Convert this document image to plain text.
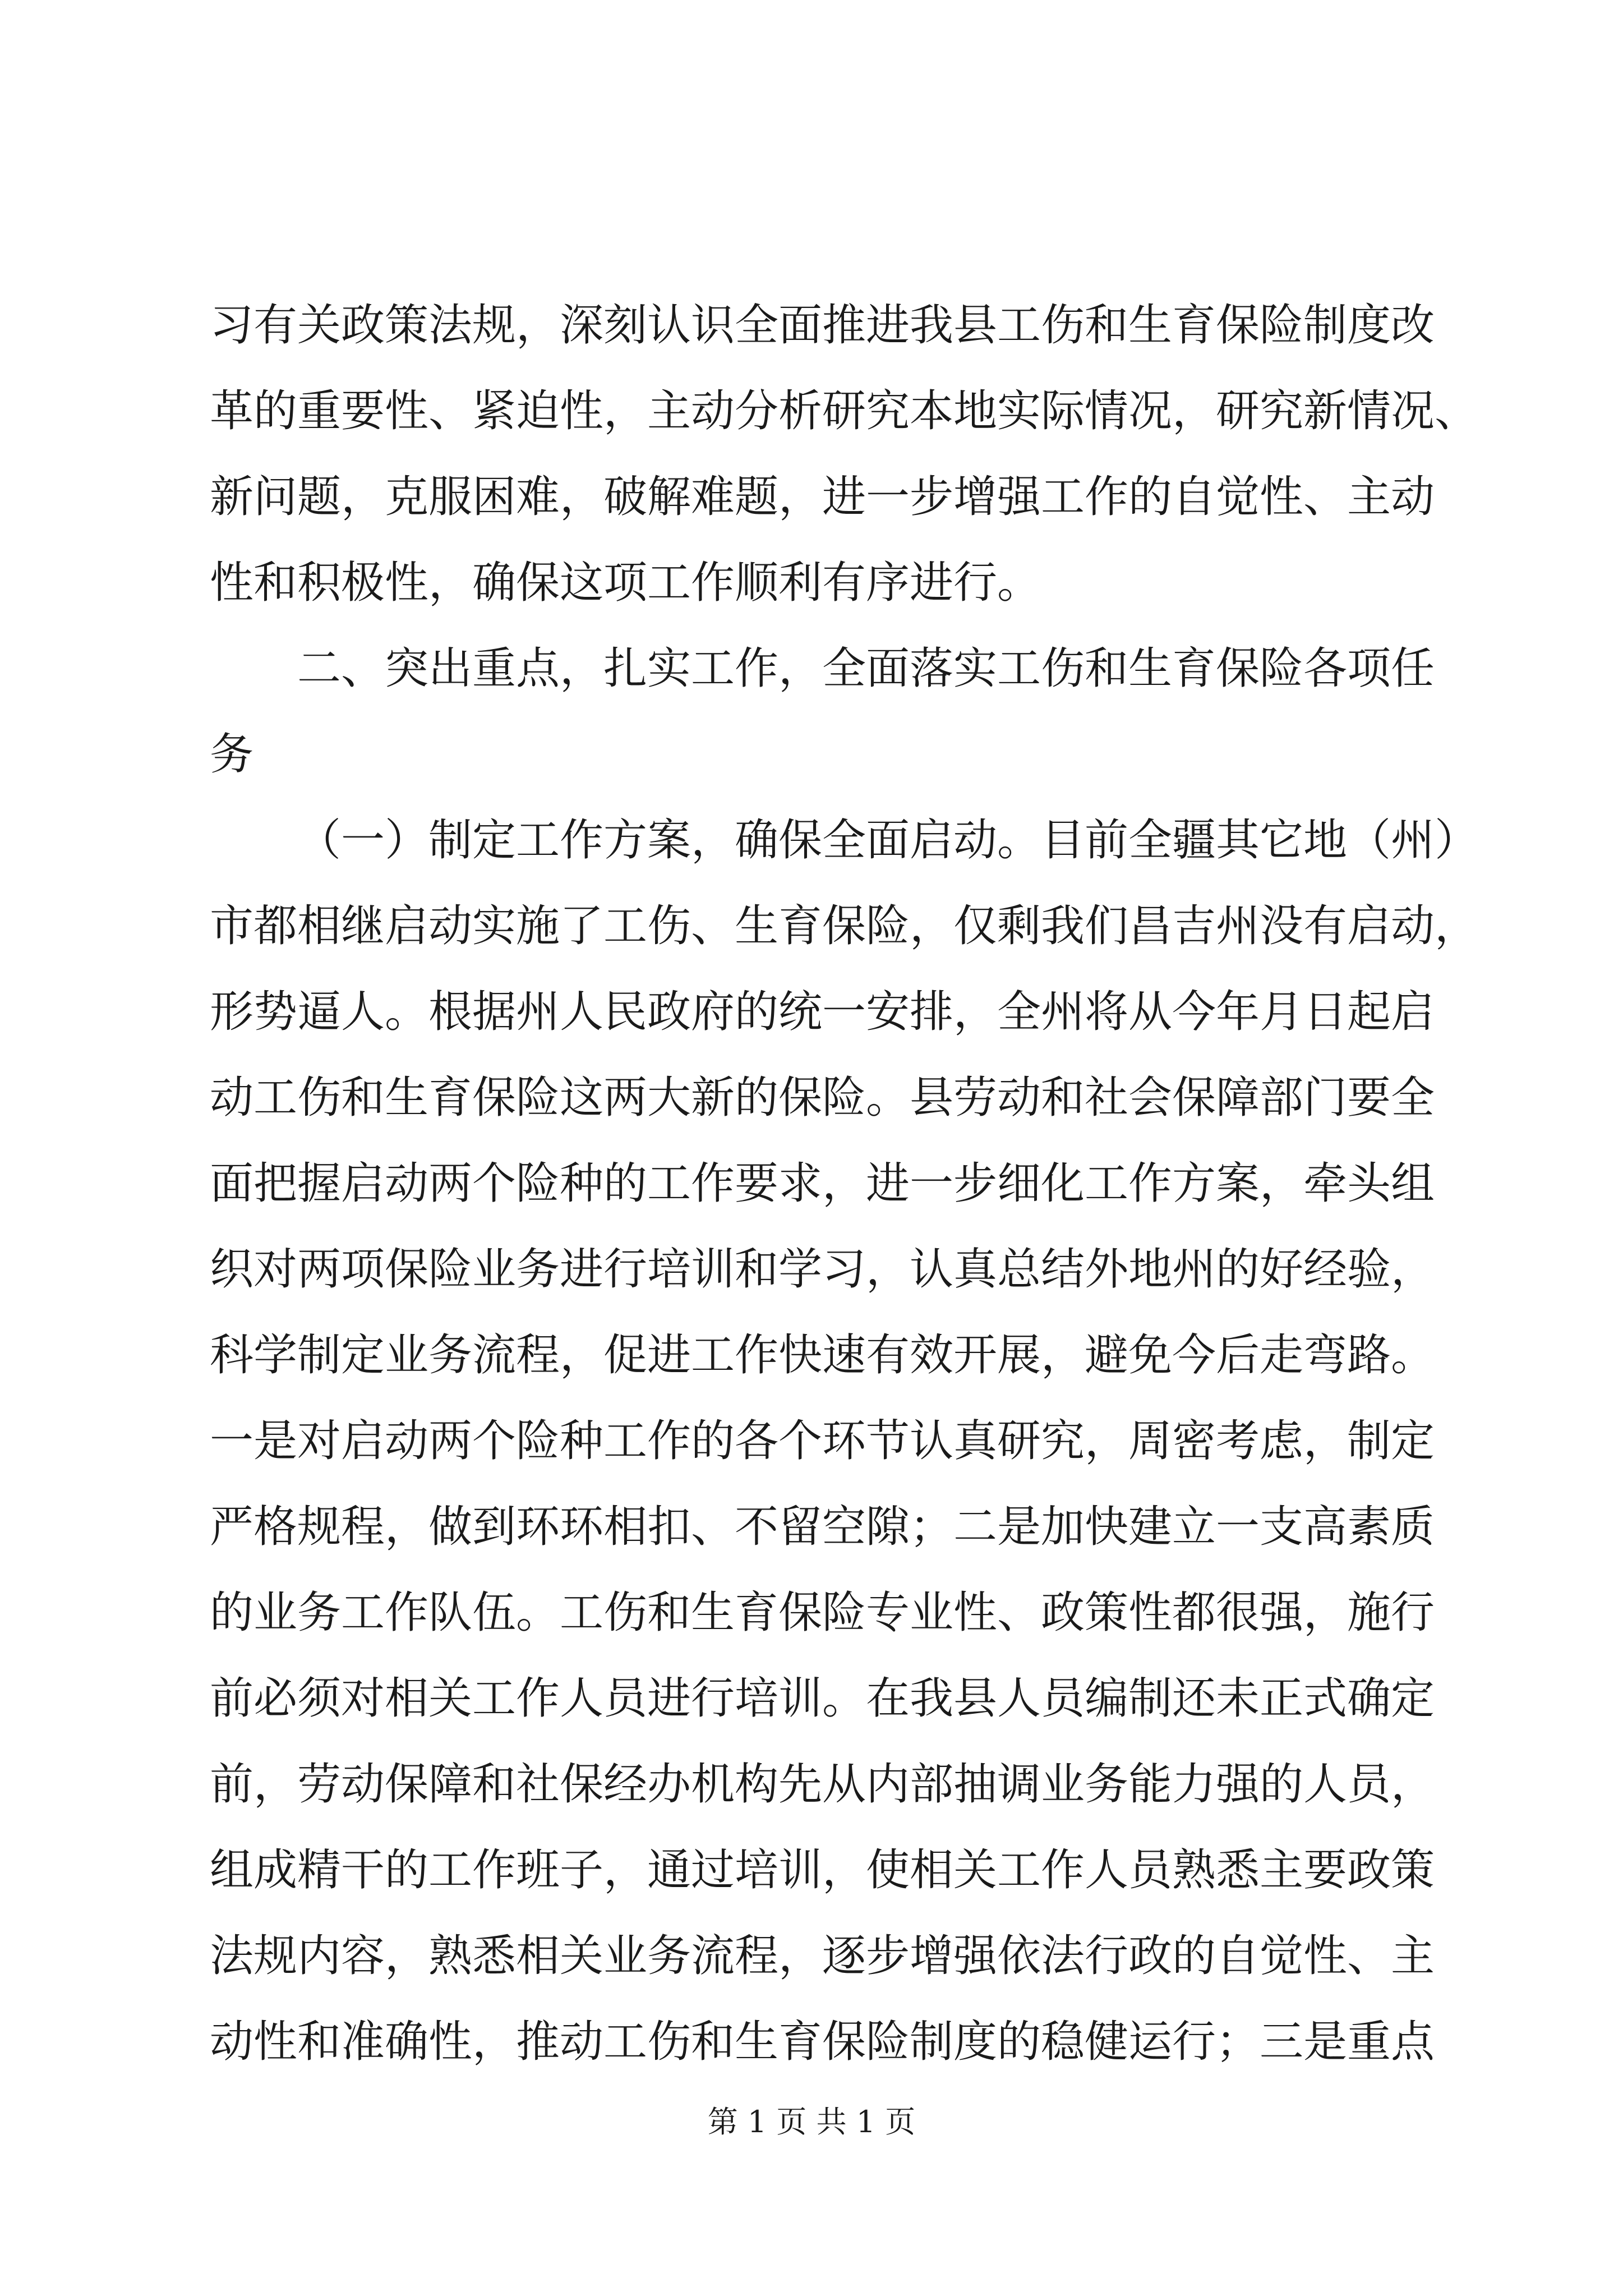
习有关政策法规，深刻认识全面推进我县工伤和生育保险制度改
革的重要性、紧迫性，主动分析研究本地实际情况，研究新情况、
新问题，克服困难，破解难题，进一步增强工作的自觉性、主动
性和积极性，确保这项工作顺利有序进行。
二、突出重点，扎实工作，全面落实工伤和生育保险各项任
务
（一）制定工作方案，确保全面启动。目前全疆其它地（州）
市都相继启动实施了工伤、生育保险，仅剩我们昌吉州没有启动，
形势逼人。根据州人民政府的统一安排，全州将从今年月日起启
动工伤和生育保险这两大新的保险。县劳动和社会保障部门要全
面把握启动两个险种的工作要求，进一步细化工作方案，牵头组
织对两项保险业务进行培训和学习，认真总结外地州的好经验，
科学制定业务流程，促进工作快速有效开展，避免今后走弯路。
一是对启动两个险种工作的各个环节认真研究，周密考虑，制定
严格规程，做到环环相扣、不留空隙；二是加快建立一支高素质
的业务工作队伍。工伤和生育保险专业性、政策性都很强，施行
前必须对相关工作人员进行培训。在我县人员编制还未正式确定
前，劳动保障和社保经办机构先从内部抽调业务能力强的人员，
组成精干的工作班子，通过培训，使相关工作人员熟悉主要政策
法规内容，熟悉相关业务流程，逐步增强依法行政的自觉性、主
动性和准确性，推动工伤和生育保险制度的稳健运行；三是重点
第 1 页 共 1 页
